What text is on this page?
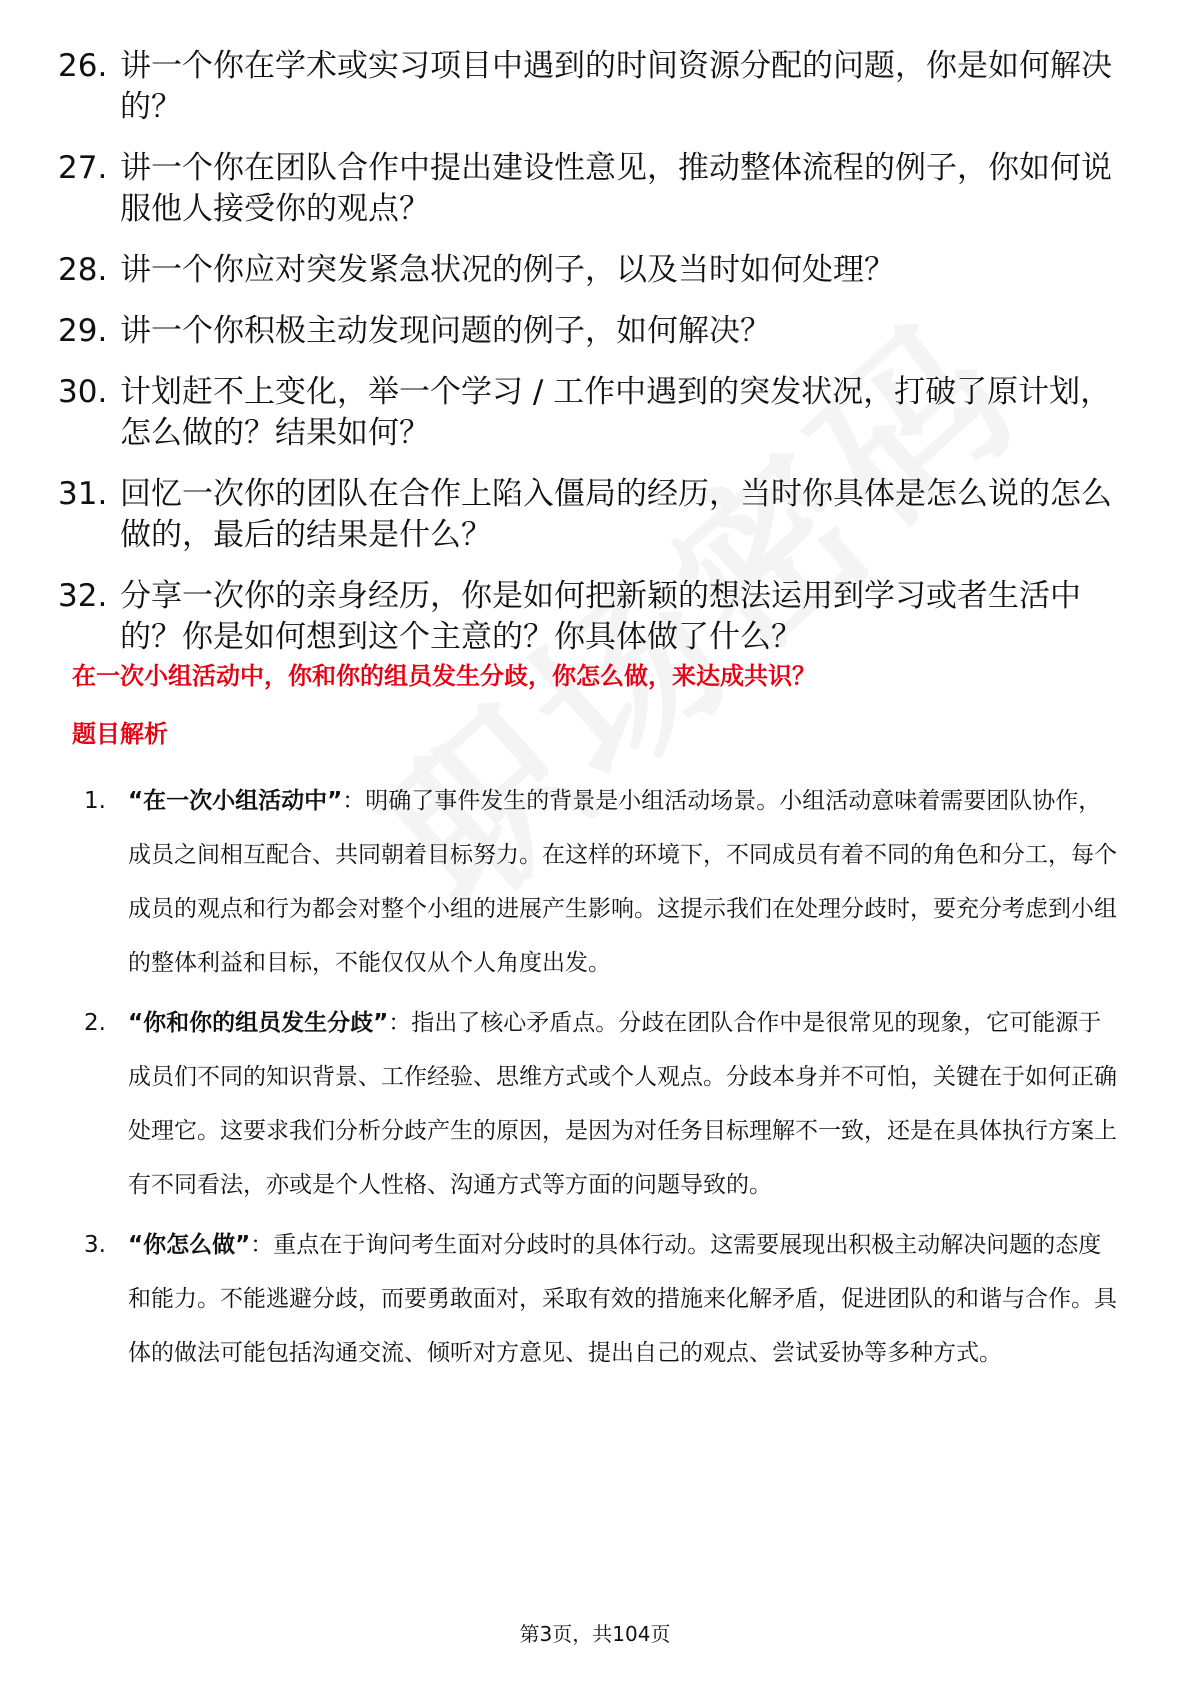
26. 讲一个你在学术或实习项目中遇到的时间资源分配的问题，你是如何解决的？
27. 讲一个你在团队合作中提出建设性意见，推动整体流程的例子，你如何说服他人接受你的观点？
28. 讲一个你应对突发紧急状况的例子，以及当时如何处理？
29. 讲一个你积极主动发现问题的例子，如何解决？
30. 计划赶不上变化，举一个学习 / 工作中遇到的突发状况，打破了原计划，怎么做的？结果如何？
31. 回忆一次你的团队在合作上陷入僵局的经历，当时你具体是怎么说的怎么做的，最后的结果是什么？
32. 分享一次你的亲身经历，你是如何把新颖的想法运用到学习或者生活中的？你是如何想到这个主意的？你具体做了什么？
在一次小组活动中，你和你的组员发生分歧，你怎么做，来达成共识？
题目解析
1. “在一次小组活动中”：明确了事件发生的背景是小组活动场景。小组活动意味着需要团队协作，成员之间相互配合、共同朝着目标努力。在这样的环境下，不同成员有着不同的角色和分工，每个成员的观点和行为都会对整个小组的进展产生影响。这提示我们在处理分歧时，要充分考虑到小组的整体利益和目标，不能仅仅从个人角度出发。
2. “你和你的组员发生分歧”：指出了核心矛盾点。分歧在团队合作中是很常见的现象，它可能源于成员们不同的知识背景、工作经验、思维方式或个人观点。分歧本身并不可怕，关键在于如何正确处理它。这要求我们分析分歧产生的原因，是因为对任务目标理解不一致，还是在具体执行方案上有不同看法，亦或是个人性格、沟通方式等方面的问题导致的。
3. “你怎么做”：重点在于询问考生面对分歧时的具体行动。这需要展现出积极主动解决问题的态度和能力。不能逃避分歧，而要勇敢面对，采取有效的措施来化解矛盾，促进团队的和谐与合作。具体的做法可能包括沟通交流、倾听对方意见、提出自己的观点、尝试妥协等多种方式。
第3页，共104页
